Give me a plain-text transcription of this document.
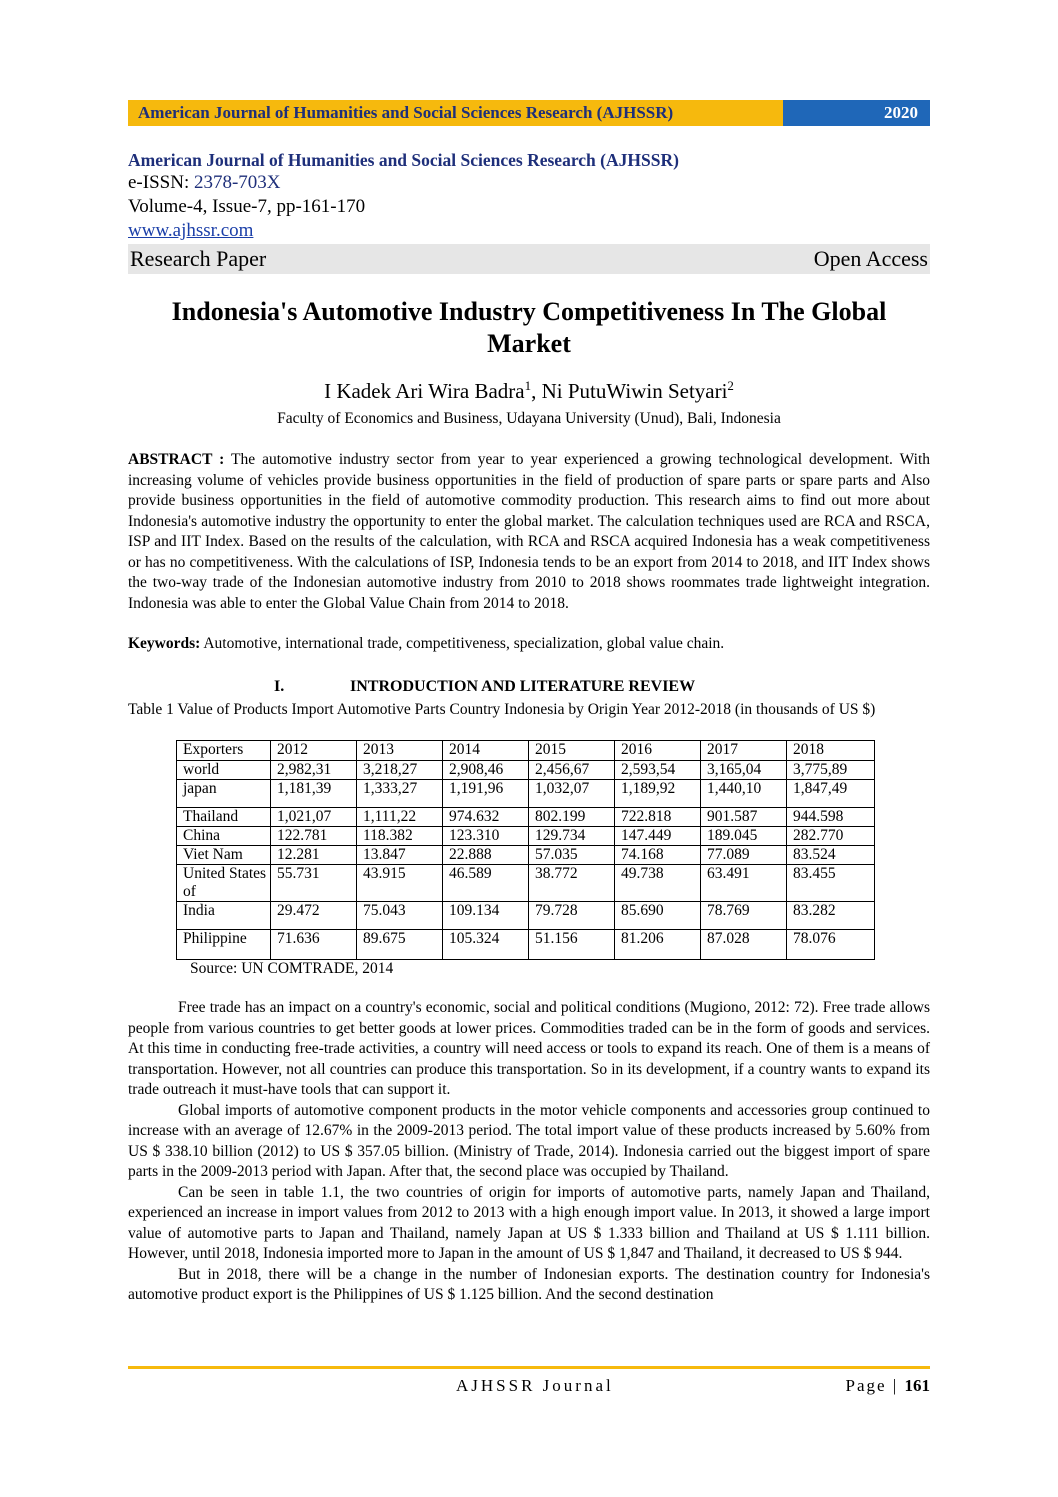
American Journal of Humanities and Social Sciences Research (AJHSSR)	2020
American Journal of Humanities and Social Sciences Research (AJHSSR)
e-ISSN: 2378-703X
Volume-4, Issue-7, pp-161-170
www.ajhssr.com
Research Paper	Open Access
Indonesia's Automotive Industry Competitiveness In The Global Market
I Kadek Ari Wira Badra$^1$, Ni PutuWiwin Setyari$^2$
Faculty of Economics and Business, Udayana University (Unud), Bali, Indonesia
ABSTRACT : The automotive industry sector from year to year experienced a growing technological development. With increasing volume of vehicles provide business opportunities in the field of production of spare parts or spare parts and Also provide business opportunities in the field of automotive commodity production. This research aims to find out more about Indonesia's automotive industry the opportunity to enter the global market. The calculation techniques used are RCA and RSCA, ISP and IIT Index. Based on the results of the calculation, with RCA and RSCA acquired Indonesia has a weak competitiveness or has no competitiveness. With the calculations of ISP, Indonesia tends to be an export from 2014 to 2018, and IIT Index shows the two-way trade of the Indonesian automotive industry from 2010 to 2018 shows roommates trade lightweight integration. Indonesia was able to enter the Global Value Chain from 2014 to 2018.
Keywords: Automotive, international trade, competitiveness, specialization, global value chain.
I.	INTRODUCTION AND LITERATURE REVIEW
Table 1 Value of Products Import Automotive Parts Country Indonesia by Origin Year 2012-2018 (in thousands of US $)
Exporters	2012	2013	2014	2015	2016	2017	2018
world	2,982,31	3,218,27	2,908,46	2,456,67	2,593,54	3,165,04	3,775,89
japan	1,181,39	1,333,27	1,191,96	1,032,07	1,189,92	1,440,10	1,847,49
Thailand	1,021,07	1,111,22	974.632	802.199	722.818	901.587	944.598
China	122.781	118.382	123.310	129.734	147.449	189.045	282.770
Viet Nam	12.281	13.847	22.888	57.035	74.168	77.089	83.524
United States of	55.731	43.915	46.589	38.772	49.738	63.491	83.455
India	29.472	75.043	109.134	79.728	85.690	78.769	83.282
Philippine	71.636	89.675	105.324	51.156	81.206	87.028	78.076
Source: UN COMTRADE, 2014

Free trade has an impact on a country's economic, social and political conditions (Mugiono, 2012: 72). Free trade allows people from various countries to get better goods at lower prices. Commodities traded can be in the form of goods and services. At this time in conducting free-trade activities, a country will need access or tools to expand its reach. One of them is a means of transportation. However, not all countries can produce this transportation. So in its development, if a country wants to expand its trade outreach it must-have tools that can support it.

Global imports of automotive component products in the motor vehicle components and accessories group continued to increase with an average of 12.67% in the 2009-2013 period. The total import value of these products increased by 5.60% from US $ 338.10 billion (2012) to US $ 357.05 billion. (Ministry of Trade, 2014). Indonesia carried out the biggest import of spare parts in the 2009-2013 period with Japan. After that, the second place was occupied by Thailand.

Can be seen in table 1.1, the two countries of origin for imports of automotive parts, namely Japan and Thailand, experienced an increase in import values from 2012 to 2013 with a high enough import value. In 2013, it showed a large import value of automotive parts to Japan and Thailand, namely Japan at US $ 1.333 billion and Thailand at US $ 1.111 billion. However, until 2018, Indonesia imported more to Japan in the amount of US $ 1,847 and Thailand, it decreased to US $ 944.

But in 2018, there will be a change in the number of Indonesian exports. The destination country for Indonesia's automotive product export is the Philippines of US $ 1.125 billion. And the second destination

AJHSSR Journal	Page | 161
